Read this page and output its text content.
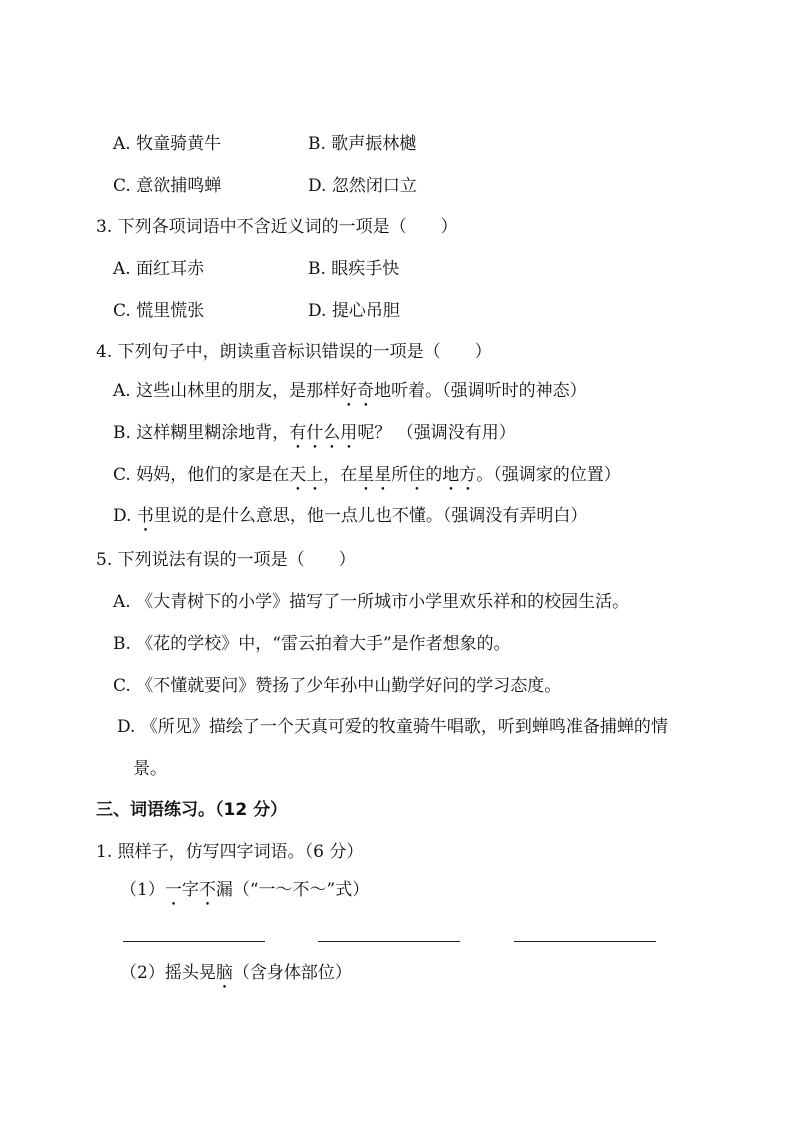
A. 牧童骑黄牛	B. 歌声振林樾
C. 意欲捕鸣蝉	D. 忽然闭口立
3. 下列各项词语中不含近义词的一项是（　　）
A. 面红耳赤	B. 眼疾手快
C. 慌里慌张	D. 提心吊胆
4. 下列句子中，朗读重音标识错误的一项是（　　）
A. 这些山林里的朋友，是那样好奇地听着。（强调听时的神态）
B. 这样糊里糊涂地背，有什么用呢？ （强调没有用）
C. 妈妈，他们的家是在天上，在星星所住的地方。（强调家的位置）
D. 书里说的是什么意思，他一点儿也不懂。（强调没有弄明白）
5. 下列说法有误的一项是（　　）
A. 《大青树下的小学》描写了一所城市小学里欢乐祥和的校园生活。
B. 《花的学校》中，“雷云拍着大手”是作者想象的。
C. 《不懂就要问》赞扬了少年孙中山勤学好问的学习态度。
D. 《所见》描绘了一个天真可爱的牧童骑牛唱歌，听到蝉鸣准备捕蝉的情
景。
三、词语练习。（12 分）
1. 照样子，仿写四字词语。（6 分）
（1）一字不漏（“一～不～”式）
（2）摇头晃脑（含身体部位）
